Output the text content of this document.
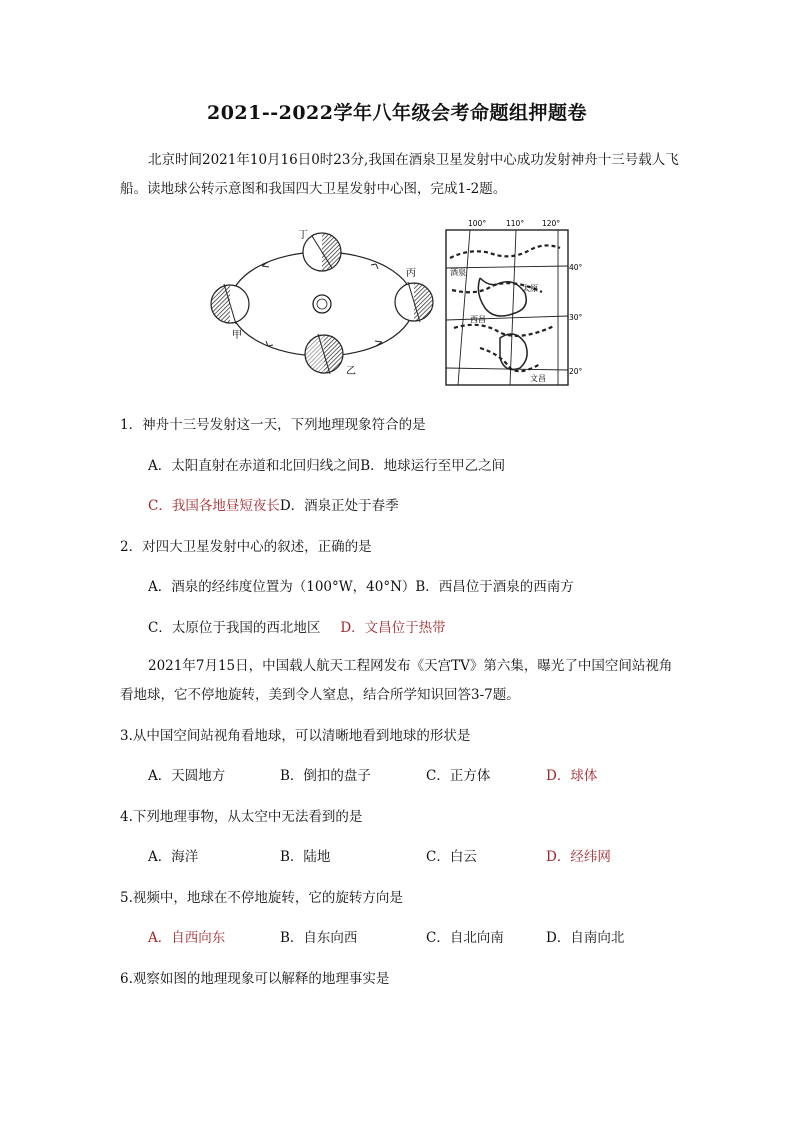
2021--2022学年八年级会考命题组押题卷
北京时间2021年10月16日0时23分,我国在酒泉卫星发射中心成功发射神舟十三号载人飞船。读地球公转示意图和我国四大卫星发射中心图，完成1-2题。
丁
甲
丙
乙
100°	110° 120°
40°
30°
20°
酒泉
太原
西昌
文昌
1．神舟十三号发射这一天，下列地理现象符合的是
A．太阳直射在赤道和北回归线之间B．地球运行至甲乙之间
C．我国各地昼短夜长D．酒泉正处于春季
2．对四大卫星发射中心的叙述，正确的是
A．酒泉的经纬度位置为（100°W，40°N）B．西昌位于酒泉的西南方
C．太原位于我国的西北地区 D．文昌位于热带
2021年7月15日，中国载人航天工程网发布《天宫TV》第六集，曝光了中国空间站视角看地球，它不停地旋转，美到令人窒息，结合所学知识回答3-7题。
3.从中国空间站视角看地球，可以清晰地看到地球的形状是
A．天圆地方	B．倒扣的盘子	C．正方体	D．球体
4.下列地理事物，从太空中无法看到的是
A．海洋	B．陆地	C．白云	D．经纬网
5.视频中，地球在不停地旋转，它的旋转方向是
A．自西向东	B．自东向西	C．自北向南	D．自南向北
6.观察如图的地理现象可以解释的地理事实是
